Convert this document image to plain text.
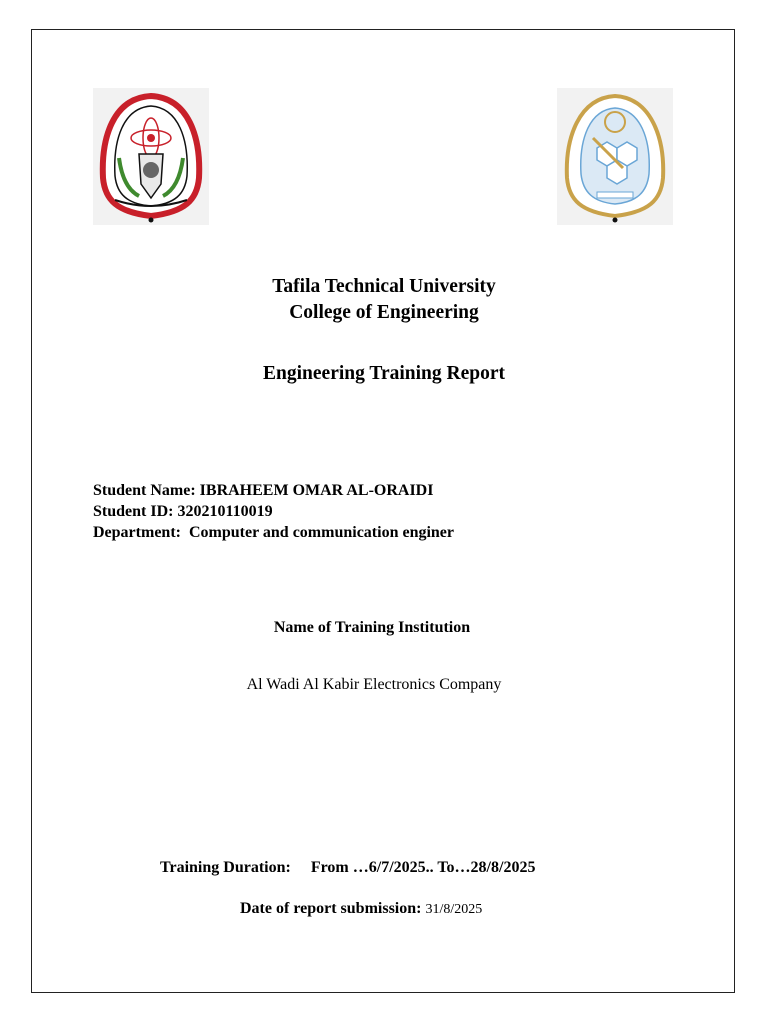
Tafila Technical University
College of Engineering
Engineering Training Report
Student Name: IBRAHEEM OMAR AL-ORAIDI
Student ID: 320210110019
Department: Computer and communication enginer
Name of Training Institution
Al Wadi Al Kabir Electronics Company
Training Duration: From …6/7/2025.. To…28/8/2025
Date of report submission: 31/8/2025
